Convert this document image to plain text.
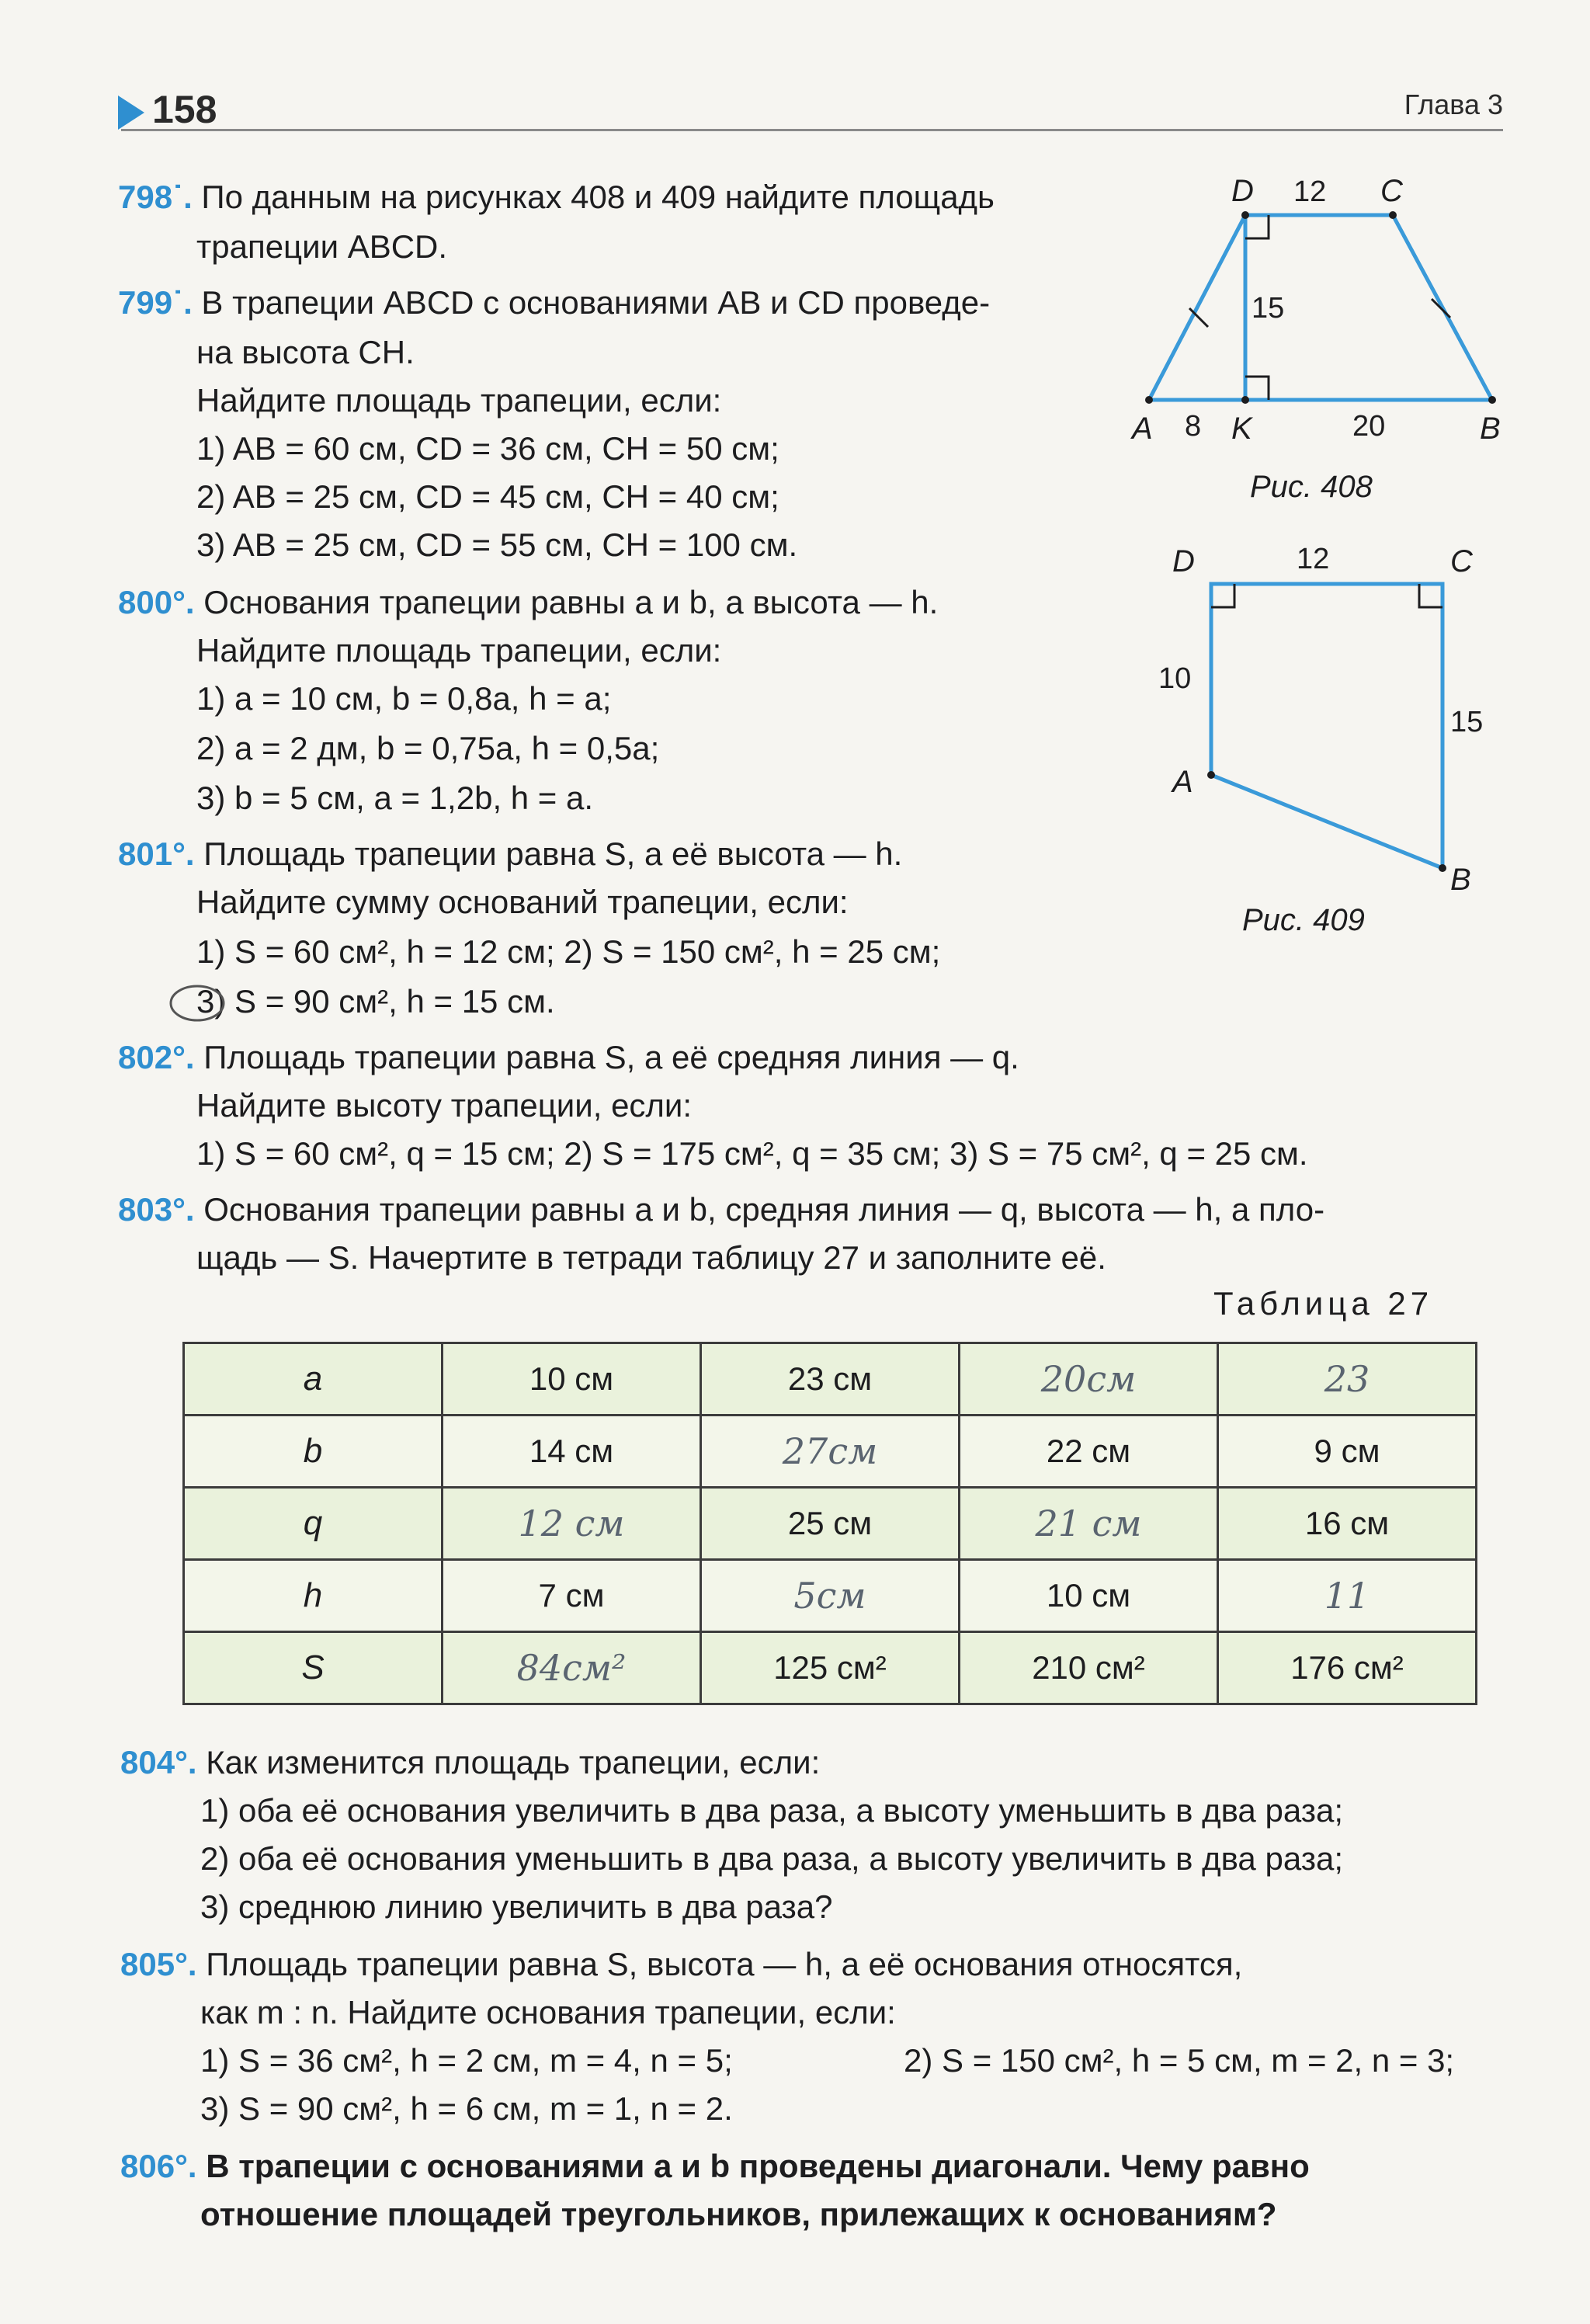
158	Глава 3
798˙. По данным на рисунках 408 и 409 найдите площадь
трапеции ABCD.
799˙. В трапеции ABCD с основаниями AB и CD проведе-
на высота CH.
Найдите площадь трапеции, если:
1) AB = 60 см, CD = 36 см, CH = 50 см;
2) AB = 25 см, CD = 45 см, CH = 40 см;
3) AB = 25 см, CD = 55 см, CH = 100 см.
800°. Основания трапеции равны a и b, а высота — h.
Найдите площадь трапеции, если:
1) a = 10 см, b = 0,8a, h = a;
2) a = 2 дм, b = 0,75a, h = 0,5a;
3) b = 5 см, a = 1,2b, h = a.
801°. Площадь трапеции равна S, а её высота — h.
Найдите сумму оснований трапеции, если:
1) S = 60 см², h = 12 см; 2) S = 150 см², h = 25 см;
3) S = 90 см², h = 15 см.
802°. Площадь трапеции равна S, а её средняя линия — q.
Найдите высоту трапеции, если:
1) S = 60 см², q = 15 см; 2) S = 175 см², q = 35 см; 3) S = 75 см², q = 25 см.
803°. Основания трапеции равны a и b, средняя линия — q, высота — h, а пло-
щадь — S. Начертите в тетради таблицу 27 и заполните её.
Таблица 27
a	10 см	23 см	20см	23
b	14 см	27см	22 см	9 см
q	12 см	25 см	21 см	16 см
h	7 см	5см	10 см	11
S	84см²	125 см²	210 см²	176 см²
804°. Как изменится площадь трапеции, если:
1) оба её основания увеличить в два раза, а высоту уменьшить в два раза;
2) оба её основания уменьшить в два раза, а высоту увеличить в два раза;
3) среднюю линию увеличить в два раза?
805°. Площадь трапеции равна S, высота — h, а её основания относятся,
как m : n. Найдите основания трапеции, если:
1) S = 36 см², h = 2 см, m = 4, n = 5;	2) S = 150 см², h = 5 см, m = 2, n = 3;
3) S = 90 см², h = 6 см, m = 1, n = 2.
806°. В трапеции с основаниями a и b проведены диагонали. Чему равно
отношение площадей треугольников, прилежащих к основаниям?
D 12 C
15
A 8 K	20	B
Рис. 408
D	12	C
10
15
A
B
Рис. 409
